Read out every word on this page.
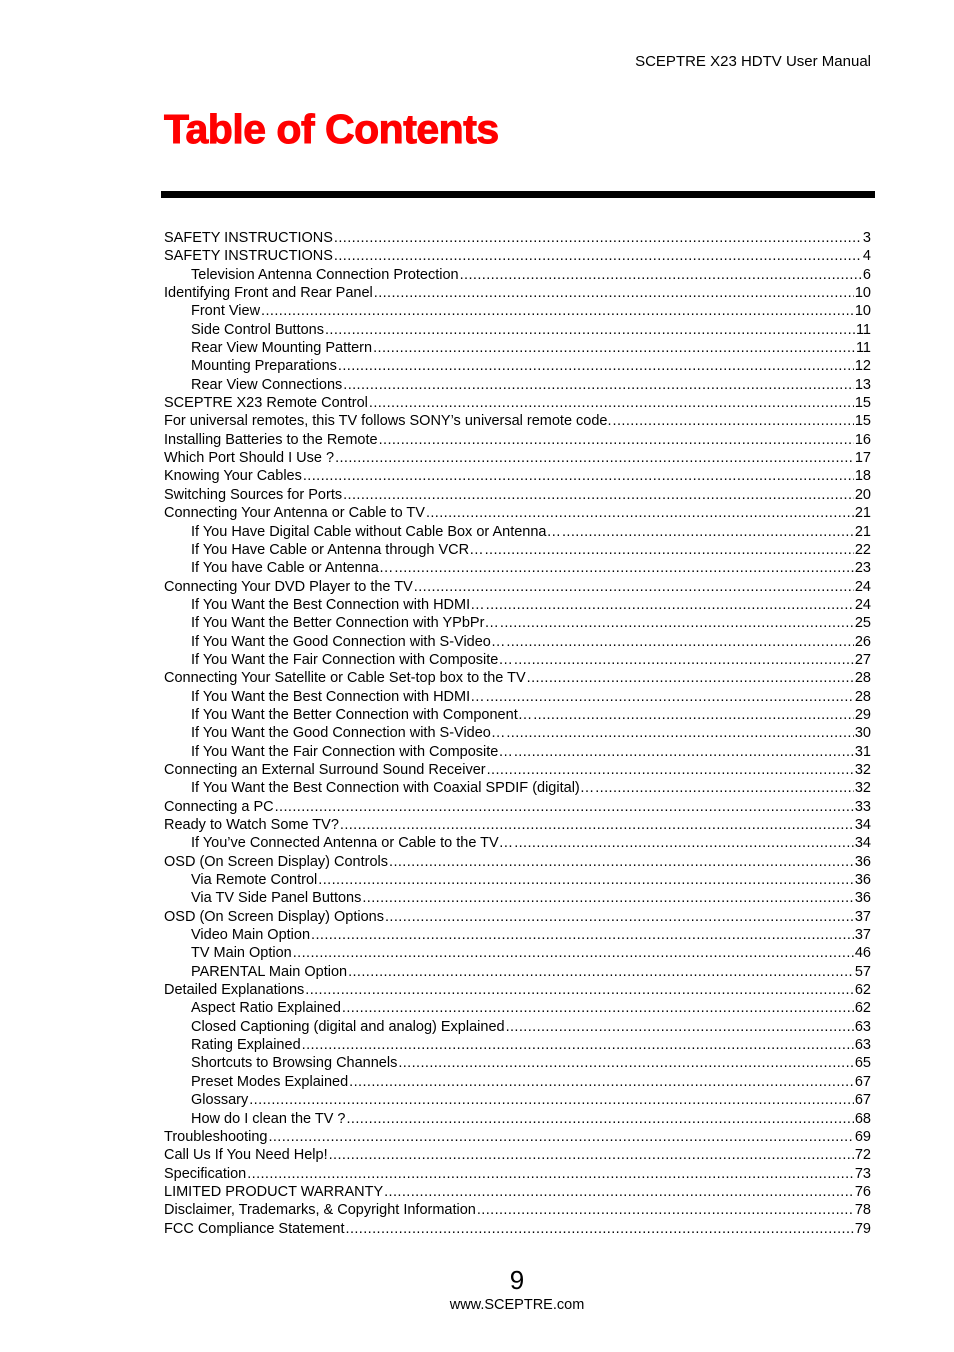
SCEPTRE X23 HDTV User Manual
Table of Contents
SAFETY INSTRUCTIONS .....	3
SAFETY INSTRUCTIONS .....	4
Television Antenna Connection Protection .....	6
Identifying Front and Rear Panel .....	10
Front View .....	10
Side Control Buttons .....	11
Rear View Mounting Pattern .....	11
Mounting Preparations .....	12
Rear View Connections .....	13
SCEPTRE X23 Remote Control .....	15
For universal remotes, this TV follows SONY’s universal remote code. .....	15
Installing Batteries to the Remote .....	16
Which Port Should I Use ? .....	17
Knowing Your Cables .....	18
Switching Sources for Ports .....	20
Connecting Your Antenna or Cable to TV .....	21
If You Have Digital Cable without Cable Box or Antenna… .....	21
If You Have Cable or Antenna through VCR… .....	22
If You have Cable or Antenna… .....	23
Connecting Your DVD Player to the TV .....	24
If You Want the Best Connection with HDMI… .....	24
If You Want the Better Connection with YPbPr… .....	25
If You Want the Good Connection with S-Video… .....	26
If You Want the Fair Connection with Composite… .....	27
Connecting Your Satellite or Cable Set-top box to the TV .....	28
If You Want the Best Connection with HDMI… .....	28
If You Want the Better Connection with Component… .....	29
If You Want the Good Connection with S-Video… .....	30
If You Want the Fair Connection with Composite… .....	31
Connecting an External Surround Sound Receiver .....	32
If You Want the Best Connection with Coaxial SPDIF (digital)… .....	32
Connecting a PC .....	33
Ready to Watch Some TV? .....	34
If You’ve Connected Antenna or Cable to the TV… .....	34
OSD (On Screen Display) Controls .....	36
Via Remote Control .....	36
Via TV Side Panel Buttons .....	36
OSD (On Screen Display) Options .....	37
Video Main Option .....	37
TV Main Option .....	46
PARENTAL Main Option .....	57
Detailed Explanations .....	62
Aspect Ratio Explained .....	62
Closed Captioning (digital and analog) Explained .....	63
Rating Explained .....	63
Shortcuts to Browsing Channels .....	65
Preset Modes Explained .....	67
Glossary .....	67
How do I clean the TV ? .....	68
Troubleshooting .....	69
Call Us If You Need Help! .....	72
Specification .....	73
LIMITED PRODUCT WARRANTY .....	76
Disclaimer, Trademarks, & Copyright Information .....	78
FCC Compliance Statement .....	79
9
www.SCEPTRE.com
